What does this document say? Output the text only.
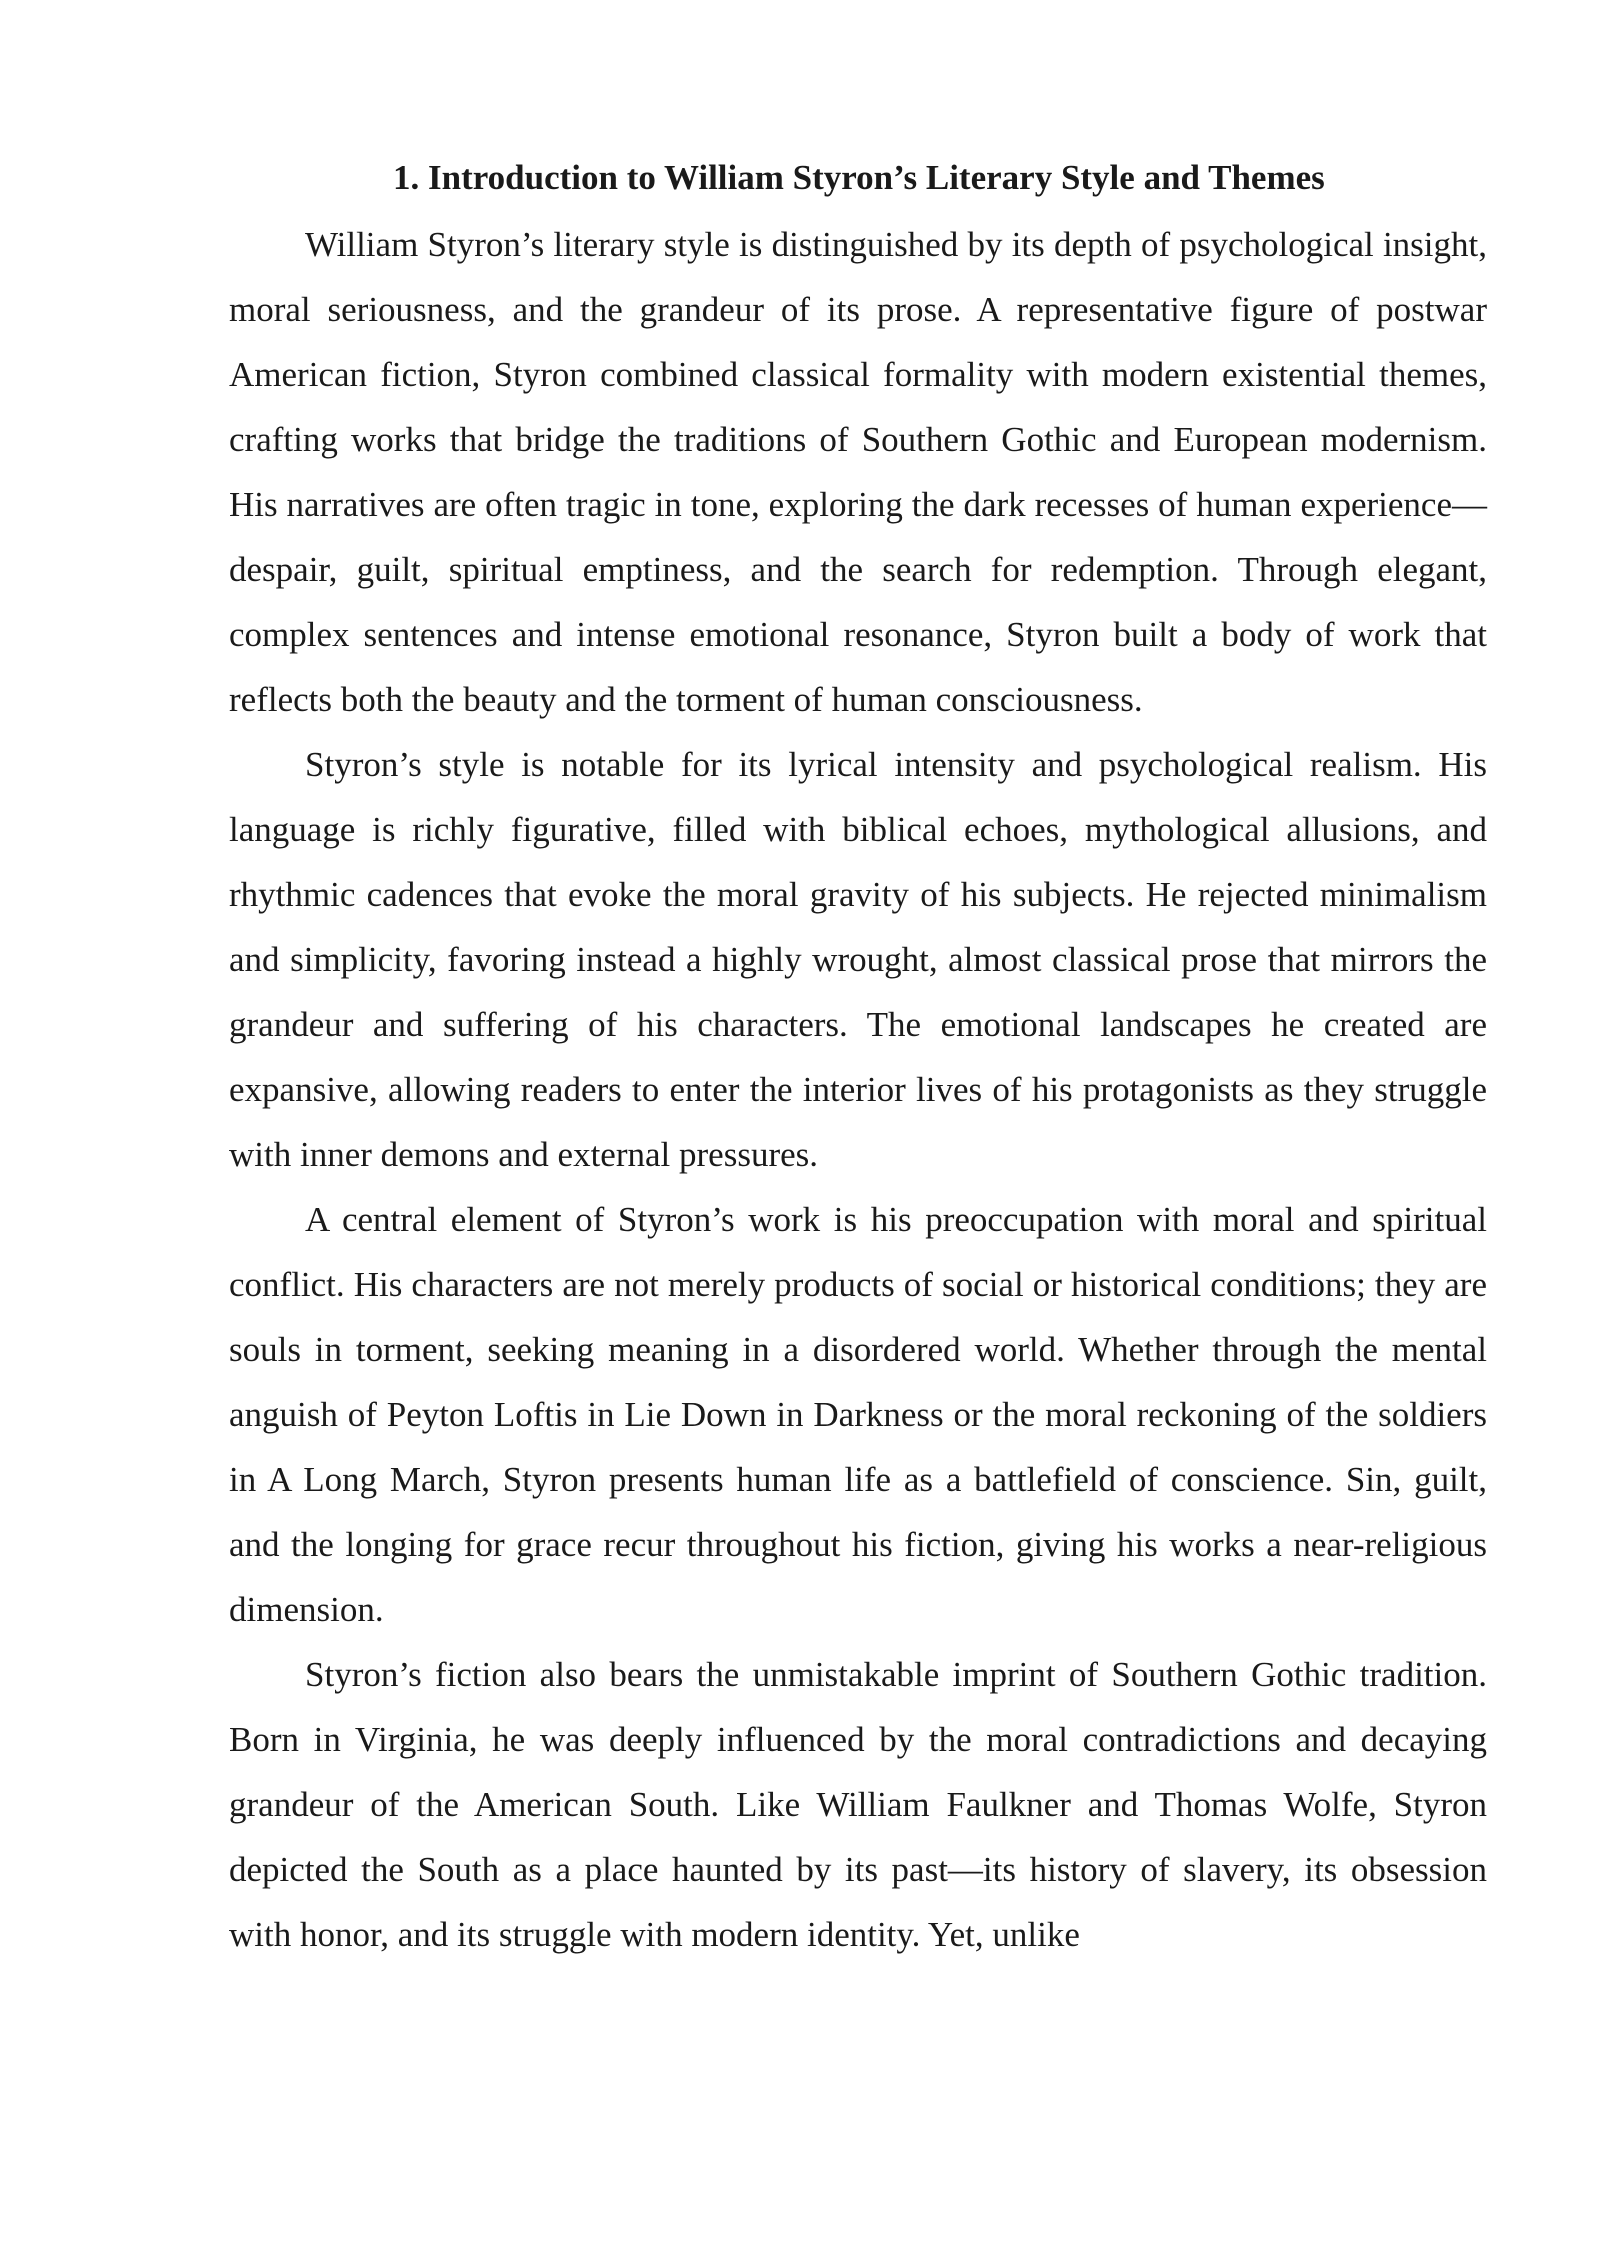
1. Introduction to William Styron’s Literary Style and Themes

William Styron’s literary style is distinguished by its depth of psychological insight, moral seriousness, and the grandeur of its prose. A representative figure of postwar American fiction, Styron combined classical formality with modern existential themes, crafting works that bridge the traditions of Southern Gothic and European modernism. His narratives are often tragic in tone, exploring the dark recesses of human experience—despair, guilt, spiritual emptiness, and the search for redemption. Through elegant, complex sentences and intense emotional resonance, Styron built a body of work that reflects both the beauty and the torment of human consciousness.

Styron’s style is notable for its lyrical intensity and psychological realism. His language is richly figurative, filled with biblical echoes, mythological allusions, and rhythmic cadences that evoke the moral gravity of his subjects. He rejected minimalism and simplicity, favoring instead a highly wrought, almost classical prose that mirrors the grandeur and suffering of his characters. The emotional landscapes he created are expansive, allowing readers to enter the interior lives of his protagonists as they struggle with inner demons and external pressures.

A central element of Styron’s work is his preoccupation with moral and spiritual conflict. His characters are not merely products of social or historical conditions; they are souls in torment, seeking meaning in a disordered world. Whether through the mental anguish of Peyton Loftis in Lie Down in Darkness or the moral reckoning of the soldiers in A Long March, Styron presents human life as a battlefield of conscience. Sin, guilt, and the longing for grace recur throughout his fiction, giving his works a near-religious dimension.

Styron’s fiction also bears the unmistakable imprint of Southern Gothic tradition. Born in Virginia, he was deeply influenced by the moral contradictions and decaying grandeur of the American South. Like William Faulkner and Thomas Wolfe, Styron depicted the South as a place haunted by its past—its history of slavery, its obsession with honor, and its struggle with modern identity. Yet, unlike
